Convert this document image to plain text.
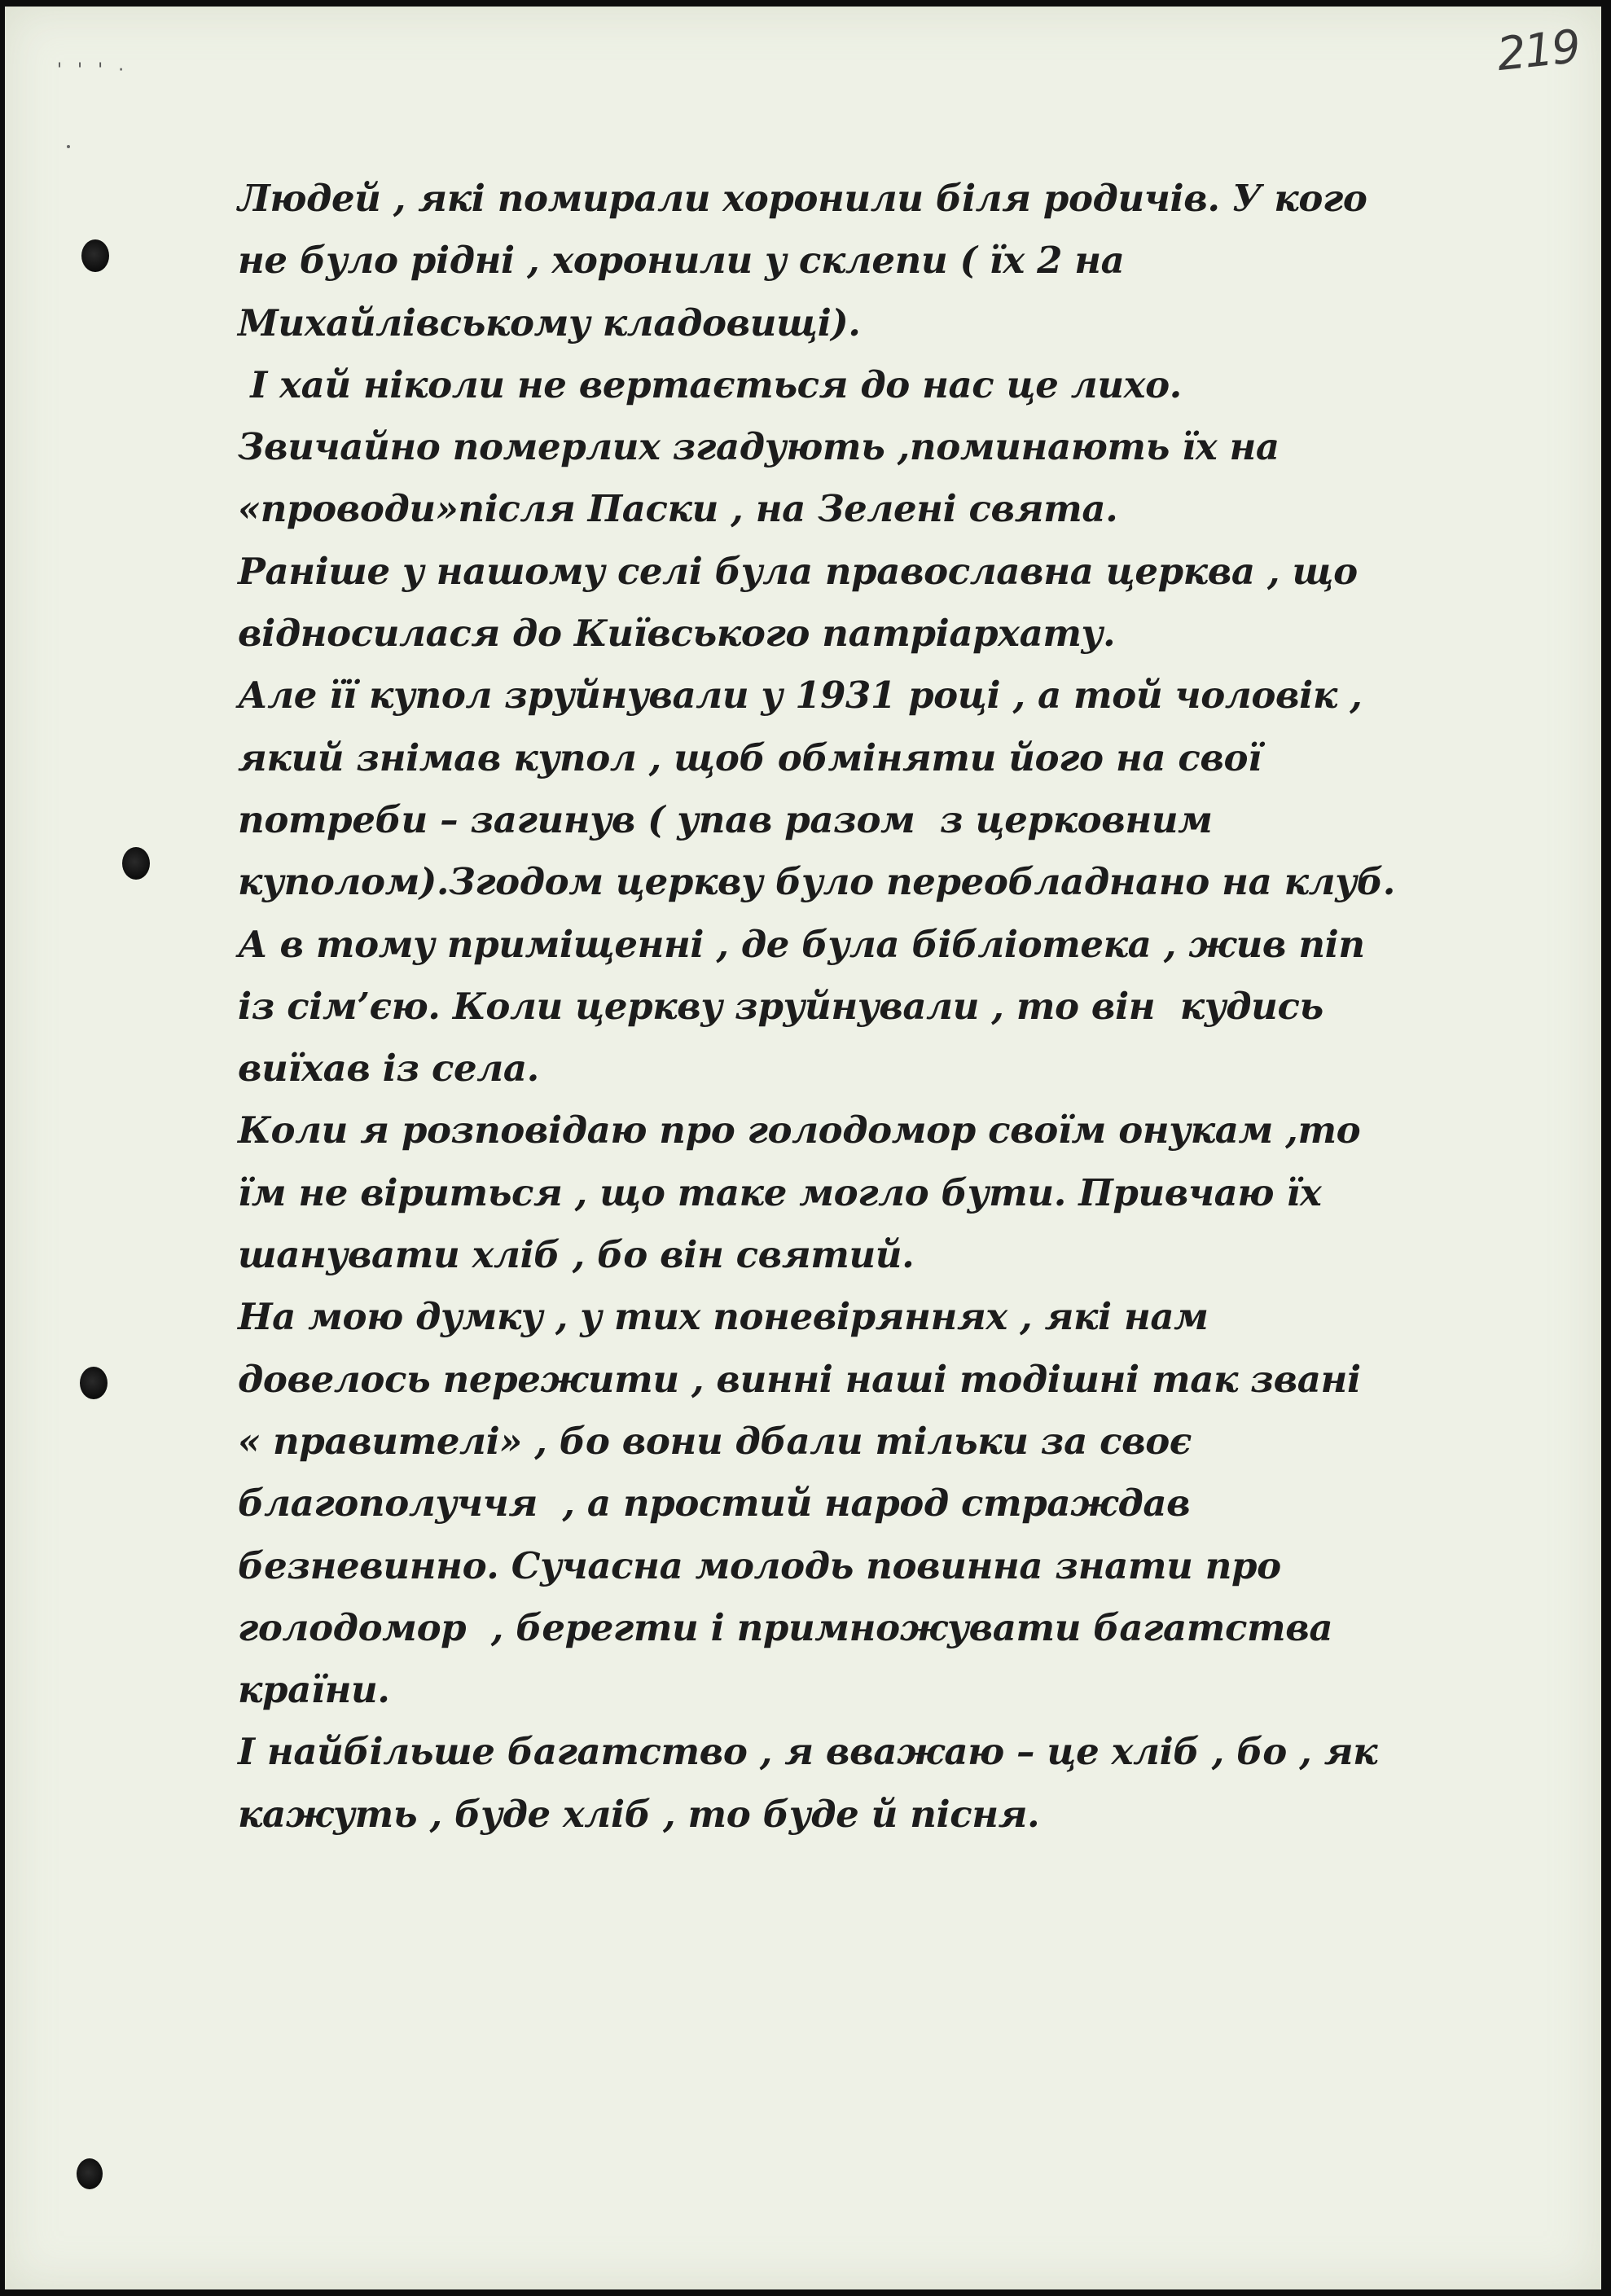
219
' ' ' ·
Людей , які помирали хоронили біля родичів. У кого
не було рідні , хоронили у склепи ( їх 2 на
Михайлівському кладовищі).
І хай ніколи не вертається до нас це лихо.
Звичайно померлих згадують ,поминають їх на
«проводи»після Паски , на Зелені свята.
Раніше у нашому селі була православна церква , що
відносилася до Київського патріархату.
Але її купол зруйнували у 1931 році , а той чоловік ,
який знімав купол , щоб обміняти його на свої
потреби – загинув ( упав разом  з церковним
куполом).Згодом церкву було переобладнано на клуб.
А в тому приміщенні , де була бібліотека , жив піп
із сім’єю. Коли церкву зруйнували , то він  кудись
виїхав із села.
Коли я розповідаю про голодомор своїм онукам ,то
їм не віриться , що таке могло бути. Привчаю їх
шанувати хліб , бо він святий.
На мою думку , у тих поневіряннях , які нам
довелось пережити , винні наші тодішні так звані
« правителі» , бо вони дбали тільки за своє
благополуччя  , а простий народ страждав
безневинно. Сучасна молодь повинна знати про
голодомор  , берегти і примножувати багатства
країни.
І найбільше багатство , я вважаю – це хліб , бо , як
кажуть , буде хліб , то буде й пісня.
